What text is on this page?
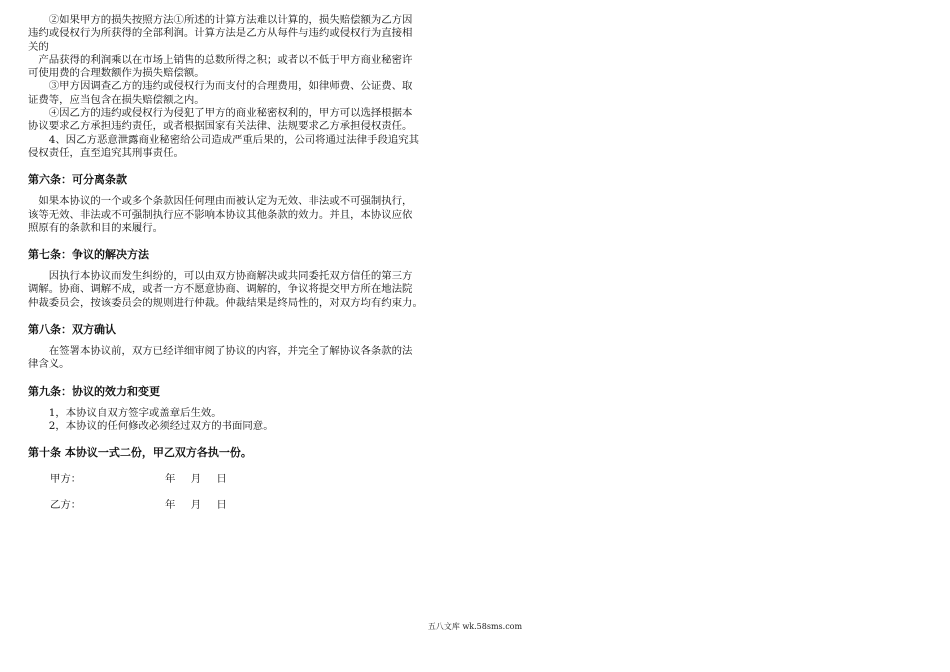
　　②如果甲方的损失按照方法①所述的计算方法难以计算的，损失赔偿额为乙方因
违约或侵权行为所获得的全部利润。计算方法是乙方从每件与违约或侵权行为直接相
关的
　产品获得的利润乘以在市场上销售的总数所得之积；或者以不低于甲方商业秘密许
可使用费的合理数额作为损失赔偿额。
　　③甲方因调查乙方的违约或侵权行为而支付的合理费用，如律师费、公证费、取
证费等，应当包含在损失赔偿额之内。
　　④因乙方的违约或侵权行为侵犯了甲方的商业秘密权利的，甲方可以选择根据本
协议要求乙方承担违约责任，或者根据国家有关法律、法规要求乙方承担侵权责任。
　　4、因乙方恶意泄露商业秘密给公司造成严重后果的，公司将通过法律手段追究其
侵权责任，直至追究其刑事责任。
第六条：可分离条款
　如果本协议的一个或多个条款因任何理由而被认定为无效、非法或不可强制执行，
该等无效、非法或不可强制执行应不影响本协议其他条款的效力。并且，本协议应依
照原有的条款和目的来履行。
第七条：争议的解决方法
　　因执行本协议而发生纠纷的，可以由双方协商解决或共同委托双方信任的第三方
调解。协商、调解不成，或者一方不愿意协商、调解的，争议将提交甲方所在地法院
仲裁委员会，按该委员会的规则进行仲裁。仲裁结果是终局性的，对双方均有约束力。
第八条：双方确认
　　在签署本协议前，双方已经详细审阅了协议的内容，并完全了解协议各条款的法
律含义。
第九条：协议的效力和变更
　　1，本协议自双方签字或盖章后生效。
　　2，本协议的任何修改必须经过双方的书面同意。
第十条 本协议一式二份，甲乙双方各执一份。
甲方：	年 月 日
乙方：	年 月 日
五八文库 wk.58sms.com
